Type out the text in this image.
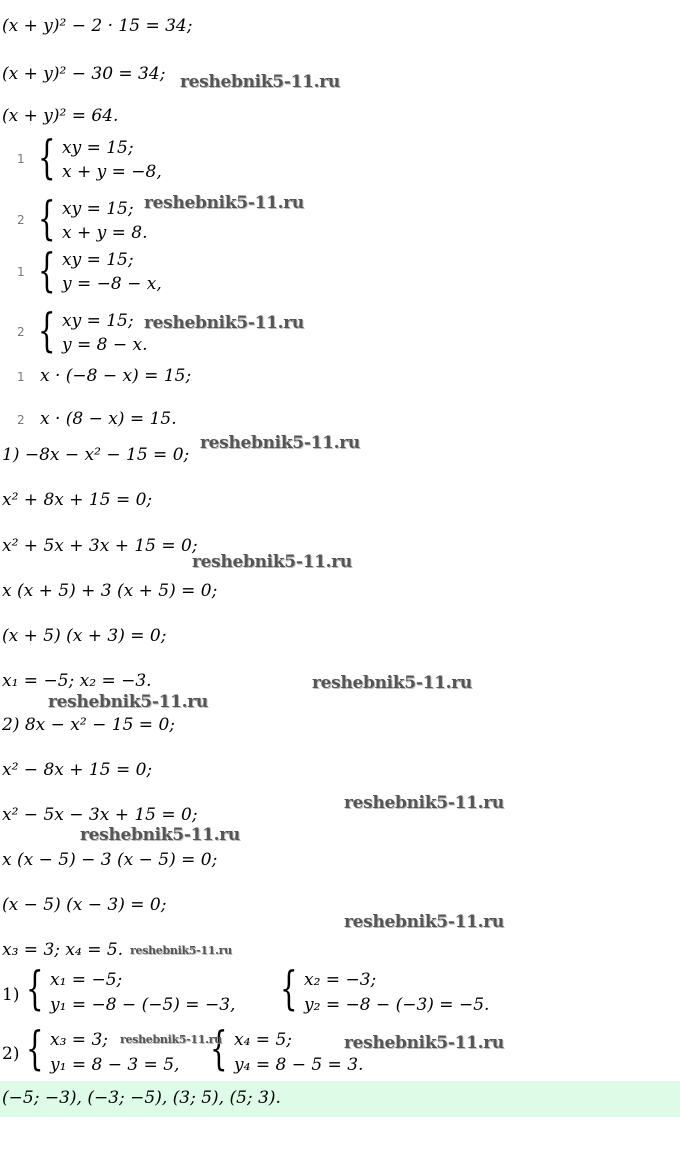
(x + y)² − 2 · 15 = 34;
(x + y)² − 30 = 34;
(x + y)² = 64.
1 { xy = 15;
x + y = −8,
2 { xy = 15;
x + y = 8.
1 { xy = 15;
y = −8 − x,
2 { xy = 15;
y = 8 − x.
1 x · (−8 − x) = 15;
2 x · (8 − x) = 15.
1) −8x − x² − 15 = 0;
x² + 8x + 15 = 0;
x² + 5x + 3x + 15 = 0;
x (x + 5) + 3 (x + 5) = 0;
(x + 5) (x + 3) = 0;
x₁ = −5; x₂ = −3.
2) 8x − x² − 15 = 0;
x² − 8x + 15 = 0;
x² − 5x − 3x + 15 = 0;
x (x − 5) − 3 (x − 5) = 0;
(x − 5) (x − 3) = 0;
x₃ = 3; x₄ = 5.
1) { x₁ = −5;
y₁ = −8 − (−5) = −3, { x₂ = −3;
y₂ = −8 − (−3) = −5.
2) { x₃ = 3;
y₁ = 8 − 3 = 5, { x₄ = 5;
y₄ = 8 − 5 = 3.
(−5; −3), (−3; −5), (3; 5), (5; 3).
reshebnik5-11.ru
reshebnik5-11.ru
reshebnik5-11.ru
reshebnik5-11.ru
reshebnik5-11.ru
reshebnik5-11.ru
reshebnik5-11.ru
reshebnik5-11.ru
reshebnik5-11.ru
reshebnik5-11.ru
reshebnik5-11.ru
reshebnik5-11.ru	reshebnik5-11.ru
